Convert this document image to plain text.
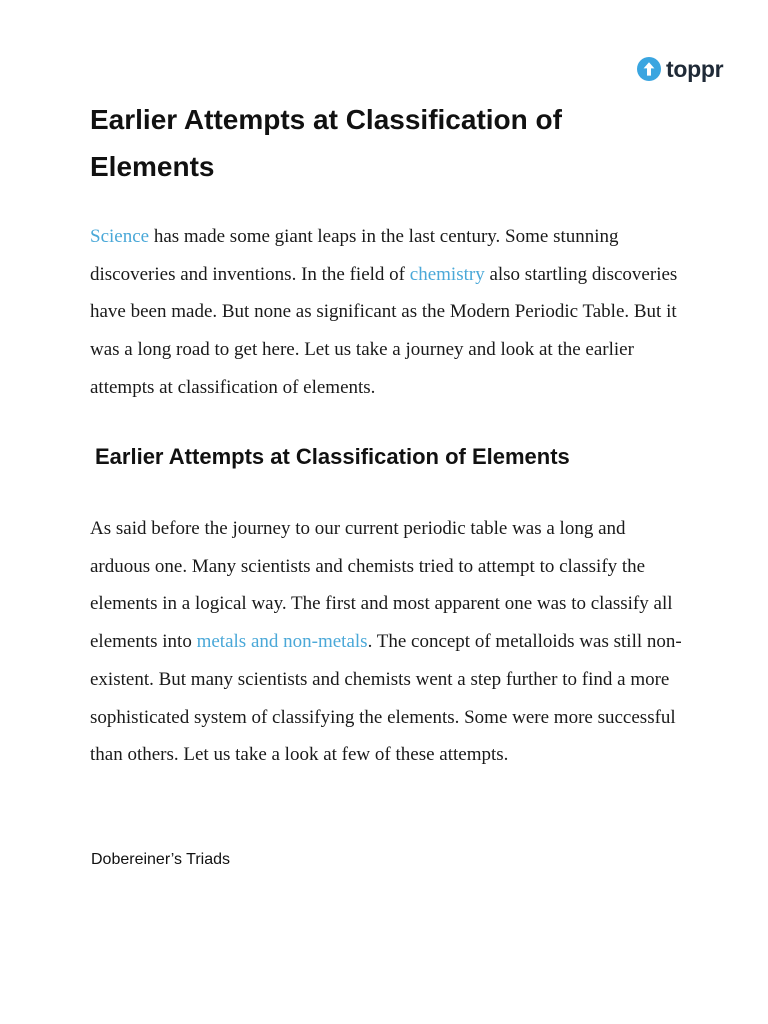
toppr
Earlier Attempts at Classification of Elements

Science has made some giant leaps in the last century. Some stunning discoveries and inventions. In the field of chemistry also startling discoveries have been made. But none as significant as the Modern Periodic Table. But it was a long road to get here. Let us take a journey and look at the earlier attempts at classification of elements.

Earlier Attempts at Classification of Elements

As said before the journey to our current periodic table was a long and arduous one. Many scientists and chemists tried to attempt to classify the elements in a logical way. The first and most apparent one was to classify all elements into metals and non-metals. The concept of metalloids was still non-existent. But many scientists and chemists went a step further to find a more sophisticated system of classifying the elements. Some were more successful than others. Let us take a look at few of these attempts.

Dobereiner’s Triads
